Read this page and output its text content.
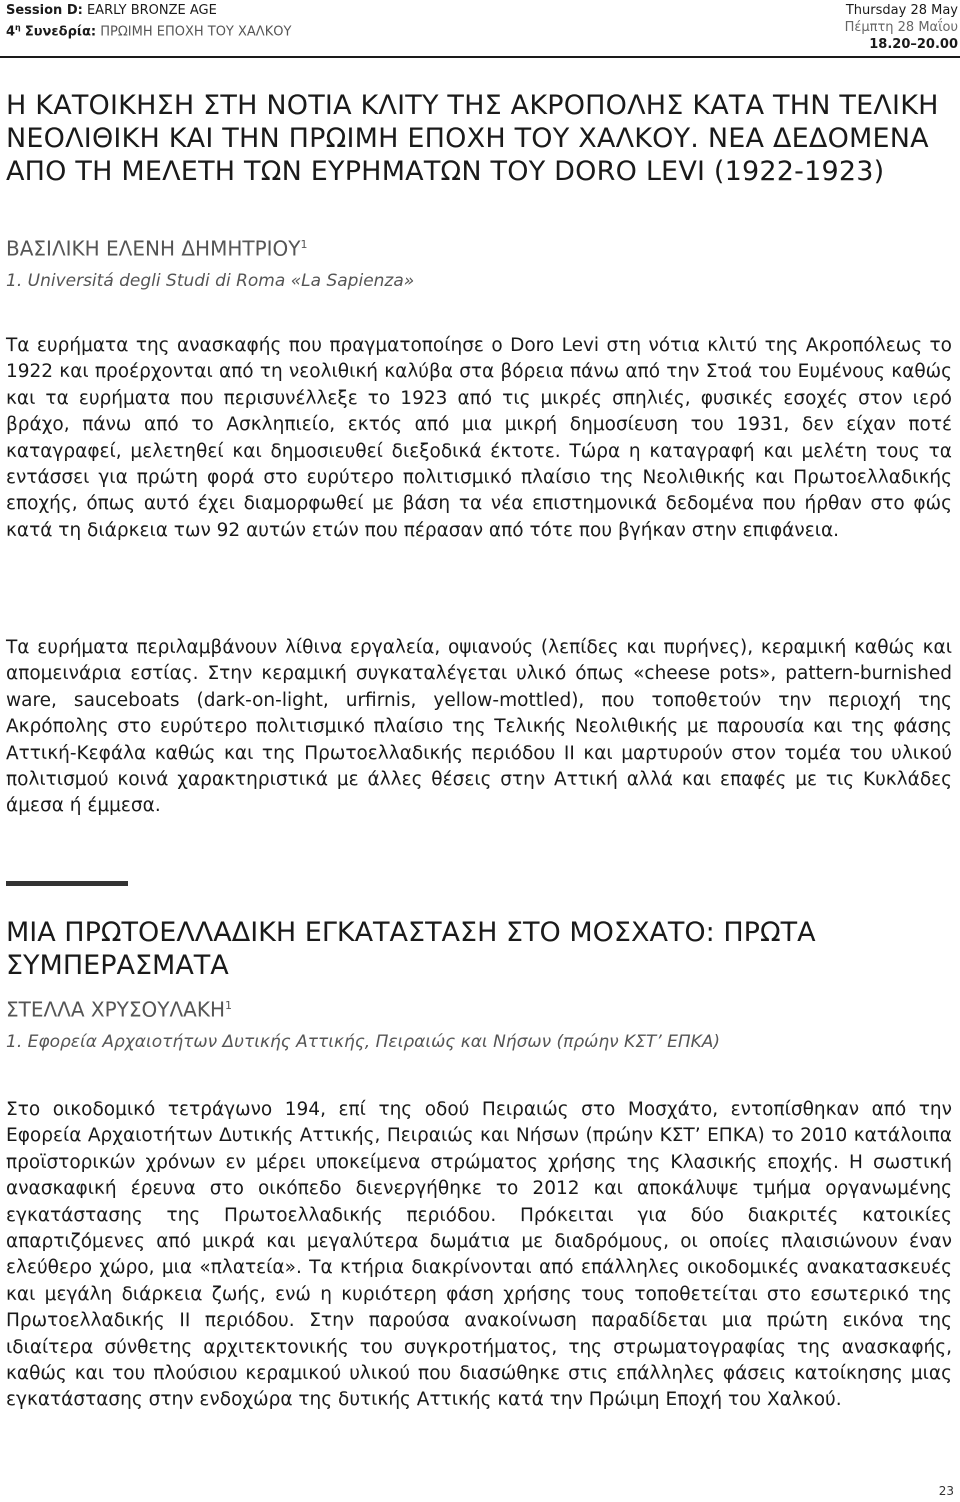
Session D: EARLY BRONZE AGE
$4^\eta$ Συνεδρία: ΠΡΩΙΜΗ ΕΠΟΧΗ ΤΟΥ ΧΑΛΚΟΥ
Thursday 28 May
Πέμπτη 28 Μαΐου
18.20–20.00
Η ΚΑΤΟΙΚΗΣΗ ΣΤΗ ΝΟΤΙΑ ΚΛΙΤΥ ΤΗΣ ΑΚΡΟΠΟΛΗΣ ΚΑΤΑ ΤΗΝ ΤΕΛΙΚΗ ΝΕΟΛΙΘΙΚΗ ΚΑΙ ΤΗΝ ΠΡΩΙΜΗ ΕΠΟΧΗ ΤΟΥ ΧΑΛΚΟΥ. ΝΕΑ ΔΕΔΟΜΕΝΑ ΑΠΟ ΤΗ ΜΕΛΕΤΗ ΤΩΝ ΕΥΡΗΜΑΤΩΝ ΤΟΥ DORO LEVI (1922-1923)
ΒΑΣΙΛΙΚΗ ΕΛΕΝΗ ΔΗΜΗΤΡΙΟΥ$^1$
1. Universitá degli Studi di Roma «La Sapienza»

Τα ευρήματα της ανασκαφής που πραγματοποίησε ο Doro Levi στη νότια κλιτύ της Ακροπόλεως το 1922 και προέρχονται από τη νεολιθική καλύβα στα βόρεια πάνω από την Στοά του Ευμένους καθώς και τα ευρήματα που περισυνέλλεξε το 1923 από τις μικρές σπηλιές, φυσικές εσοχές στον ιερό βράχο, πάνω από το Ασκληπιείο, εκτός από μια μικρή δημοσίευση του 1931, δεν είχαν ποτέ καταγραφεί, μελετηθεί και δημοσιευθεί διεξοδικά έκτοτε. Τώρα η καταγραφή και μελέτη τους τα εντάσσει για πρώτη φορά στο ευρύτερο πολιτισμικό πλαίσιο της Νεολιθικής και Πρωτοελλαδικής εποχής, όπως αυτό έχει διαμορφωθεί με βάση τα νέα επιστημονικά δεδομένα που ήρθαν στο φώς κατά τη διάρκεια των 92 αυτών ετών που πέρασαν από τότε που βγήκαν στην επιφάνεια.

Τα ευρήματα περιλαμβάνουν λίθινα εργαλεία, οψιανούς (λεπίδες και πυρήνες), κεραμική καθώς και απομεινάρια εστίας. Στην κεραμική συγκαταλέγεται υλικό όπως «cheese pots», pattern-burnished ware, sauceboats (dark-on-light, urfirnis, yellow-mottled), που τοποθετούν την περιοχή της Ακρόπολης στο ευρύτερο πολιτισμικό πλαίσιο της Τελικής Νεολιθικής με παρουσία και της φάσης Αττική-Κεφάλα καθώς και της Πρωτοελλαδικής περιόδου ΙΙ και μαρτυρούν στον τομέα του υλικού πολιτισμού κοινά χαρακτηριστικά με άλλες θέσεις στην Αττική αλλά και επαφές με τις Κυκλάδες άμεσα ή έμμεσα.

ΜΙΑ ΠΡΩΤΟΕΛΛΑΔΙΚΗ ΕΓΚΑΤΑΣΤΑΣΗ ΣΤΟ ΜΟΣΧΑΤΟ: ΠΡΩΤΑ ΣΥΜΠΕΡΑΣΜΑΤΑ
ΣΤΕΛΛΑ ΧΡΥΣΟΥΛΑΚΗ$^1$
1. Εφορεία Αρχαιοτήτων Δυτικής Αττικής, Πειραιώς και Νήσων (πρώην ΚΣΤ’ ΕΠΚΑ)

Στο οικοδομικό τετράγωνο 194, επί της οδού Πειραιώς στο Μοσχάτο, εντοπίσθηκαν από την Εφορεία Αρχαιοτήτων Δυτικής Αττικής, Πειραιώς και Νήσων (πρώην ΚΣΤ’ ΕΠΚΑ) το 2010 κατάλοιπα προϊστορικών χρόνων εν μέρει υποκείμενα στρώματος χρήσης της Κλασικής εποχής. Η σωστική ανασκαφική έρευνα στο οικόπεδο διενεργήθηκε το 2012 και αποκάλυψε τμήμα οργανωμένης εγκατάστασης της Πρωτοελλαδικής περιόδου. Πρόκειται για δύο διακριτές κατοικίες απαρτιζόμενες από μικρά και μεγαλύτερα δωμάτια με διαδρόμους, οι οποίες πλαισιώνουν έναν ελεύθερο χώρο, μια «πλατεία». Τα κτήρια διακρίνονται από επάλληλες οικοδομικές ανακατασκευές και μεγάλη διάρκεια ζωής, ενώ η κυριότερη φάση χρήσης τους τοποθετείται στο εσωτερικό της Πρωτοελλαδικής ΙΙ περιόδου. Στην παρούσα ανακοίνωση παραδίδεται μια πρώτη εικόνα της ιδιαίτερα σύνθετης αρχιτεκτονικής του συγκροτήματος, της στρωματογραφίας της ανασκαφής, καθώς και του πλούσιου κεραμικού υλικού που διασώθηκε στις επάλληλες φάσεις κατοίκησης μιας εγκατάστασης στην ενδοχώρα της δυτικής Αττικής κατά την Πρώιμη Εποχή του Χαλκού.

23
